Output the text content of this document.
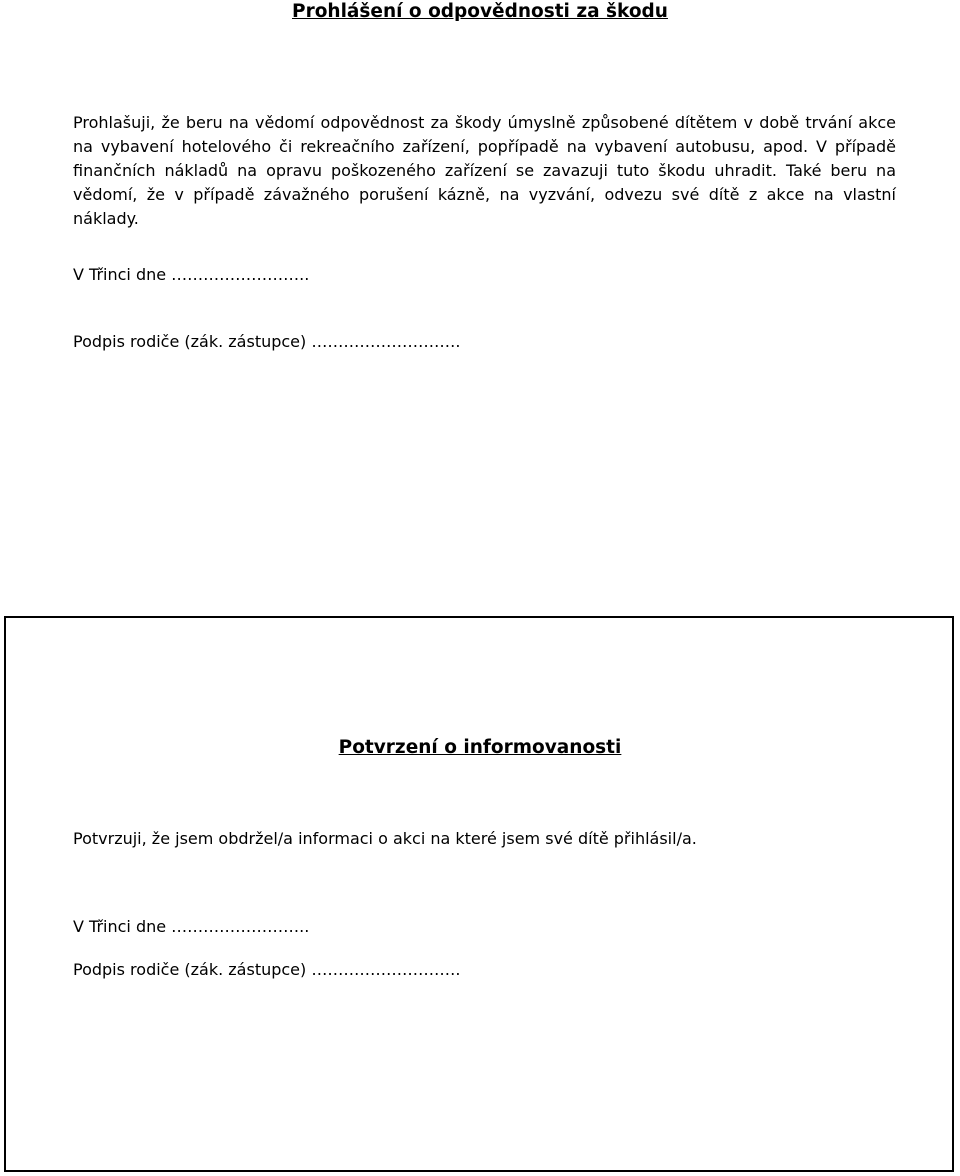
Prohlášení o odpovědnosti za škodu

Prohlašuji, že beru na vědomí odpovědnost za škody úmyslně způsobené dítětem v době trvání akce na vybavení hotelového či rekreačního zařízení, popřípadě na vybavení autobusu, apod. V případě finančních nákladů na opravu poškozeného zařízení se zavazuji tuto škodu uhradit. Také beru na vědomí, že v případě závažného porušení kázně, na vyzvání, odvezu své dítě z akce na vlastní náklady.

V Třinci dne ……………………..

Podpis rodiče (zák. zástupce) ……………………….

Potvrzení o informovanosti

Potvrzuji, že jsem obdržel/a informaci o akci na které jsem své dítě přihlásil/a.

V Třinci dne ……………………..

Podpis rodiče (zák. zástupce) ……………………….
